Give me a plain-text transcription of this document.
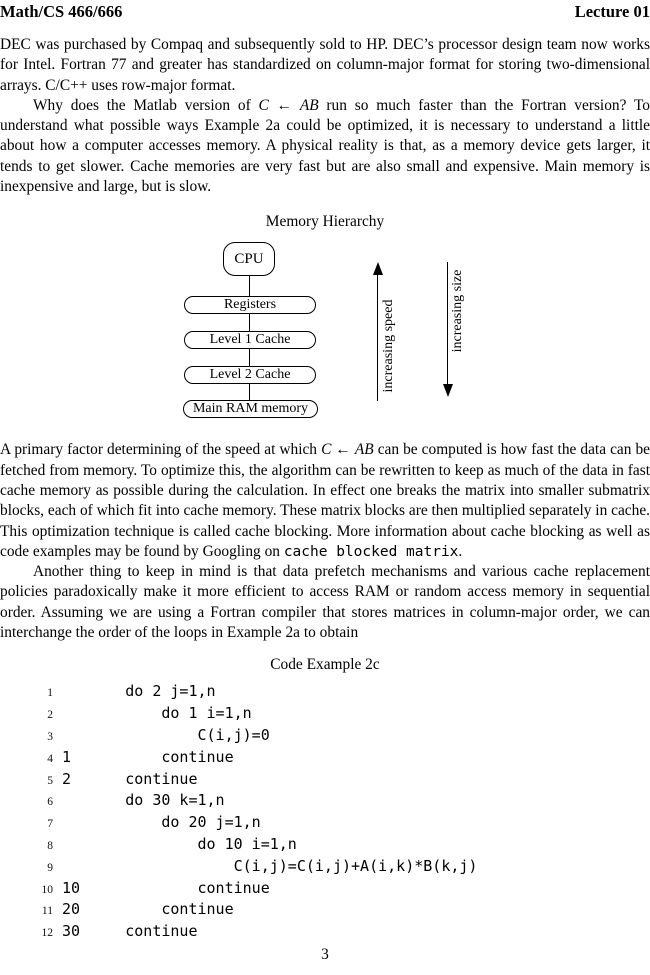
Math/CS 466/666	Lecture 01

DEC was purchased by Compaq and subsequently sold to HP. DEC’s processor design team now works for Intel. Fortran 77 and greater has standardized on column-major format for storing two-dimensional arrays. C/C++ uses row-major format.

Why does the Matlab version of C ← AB run so much faster than the Fortran version? To understand what possible ways Example 2a could be optimized, it is necessary to understand a little about how a computer accesses memory. A physical reality is that, as a memory device gets larger, it tends to get slower. Cache memories are very fast but are also small and expensive. Main memory is inexpensive and large, but is slow.

Memory Hierarchy
CPU
Registers
Level 1 Cache
Level 2 Cache
Main RAM memory
increasing speed	increasing size

A primary factor determining of the speed at which C ← AB can be computed is how fast the data can be fetched from memory. To optimize this, the algorithm can be rewritten to keep as much of the data in fast cache memory as possible during the calculation. In effect one breaks the matrix into smaller submatrix blocks, each of which fit into cache memory. These matrix blocks are then multiplied separately in cache. This optimization technique is called cache blocking. More information about cache blocking as well as code examples may be found by Googling on cache blocked matrix.

Another thing to keep in mind is that data prefetch mechanisms and various cache replacement policies paradoxically make it more efficient to access RAM or random access memory in sequential order. Assuming we are using a Fortran compiler that stores matrices in column-major order, we can interchange the order of the loops in Example 2a to obtain

Code Example 2c
1 do 2 j=1,n
2 do 1 i=1,n
3 C(i,j)=0
4 1          continue
5 2      continue
6 do 30 k=1,n
7 do 20 j=1,n
8 do 10 i=1,n
9 C(i,j)=C(i,j)+A(i,k)*B(k,j)
10 10             continue
11 20         continue
12 30     continue
3
